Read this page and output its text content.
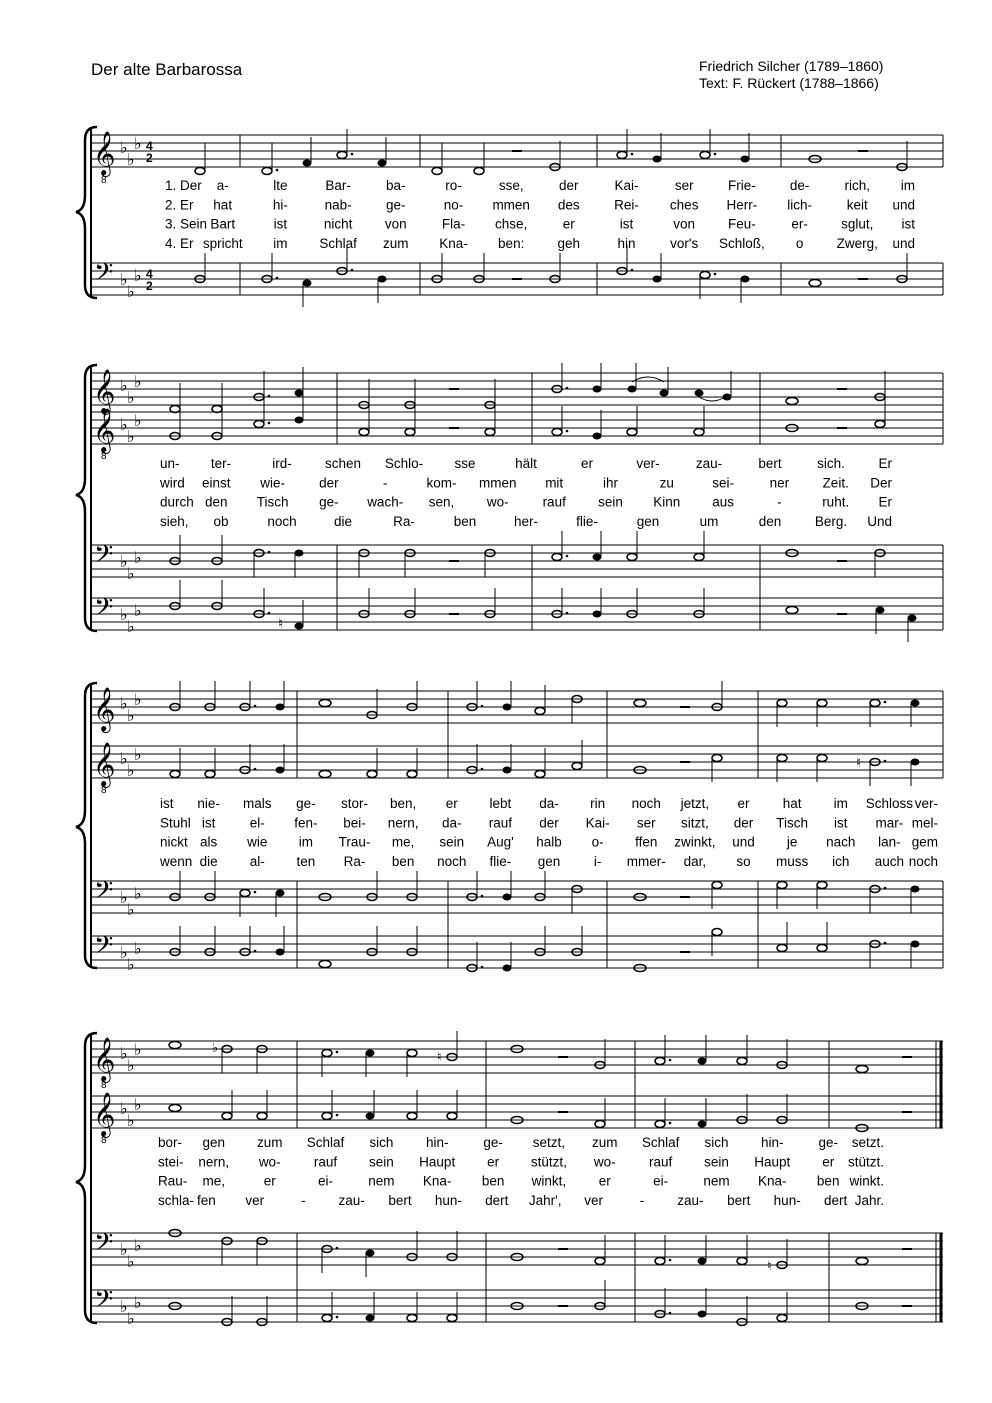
Der alte Barbarossa	Friedrich Silcher (1789–1860)
Text: F. Rückert (1788–1866)
𝄞
8
♭
♭
♭ 4
2
𝄢 ♭
♭
♭ 4
2
1. Der a-	lte	Bar-	ba-	ro-	sse,	der	Kai-	ser	Frie-	de-	rich, im
2. Er hat	hi-	nab-	ge-	no- mmen des	Rei- ches Herr- lich-	keit und
3. Sein Bart	ist	nicht von	Fla- chse,	er	ist	von Feu-	er- sglut, ist
4. Er spricht im Schlaf zum Kna- ben: geh	hin	vor's Schloß, o Zwerg, und
𝄞
𝄞
8
𝄢
𝄢
♭
♭
♭
♭
♭
♭
♭
♭
♭
♭
♭
♭
♮
un- ter-	ird- schen Schlo- sse	hält	er	ver-	zau-	bert	sich. Er
wird einst wie-	der	-	kom- mmen mit	ihr	zu	sei-	ner Zeit. Der
durch den Tisch ge- wach- sen, wo-	rauf sein Kinn aus	-	ruht. Er
sieh, ob	noch	die	Ra-	ben	her-	flie-	gen	um	den Berg. Und
𝄞
𝄞
8
𝄢
𝄢
♭
♭
♭
♭
♭
♭
♭
♭
♭
♭
♭
♭
♮
ist nie- mals ge- stor- ben, er lebt da- rin noch jetzt, er hat im Schloss ver-
Stuhl ist	el- fen- bei- nern, da- rauf der Kai- ser sitzt, der Tisch ist mar- mel-
nickt als wie im Trau- me, sein Aug' halb o- ffen zwinkt, und je nach lan- gem
wenn die al- ten Ra- ben noch flie- gen i- mmer- dar, so muss ich auch noch
𝄞
8
𝄞
8
𝄢
𝄢
♭
♭
♭
♭
♭
♭
♭
♭
♭
♭
♭
♭
♭
♮
♮
bor- gen zum Schlaf sich hin-	ge- setzt, zum Schlaf sich hin-	ge- setzt.
stei- nern, wo- rauf sein Haupt er stützt, wo- rauf sein Haupt er stützt.
Rau- me,	er	ei-	nem Kna- ben winkt, er	ei-	nem Kna- ben winkt.
schla- fen ver	- zau- bert hun- dert Jahr', ver	- zau- bert hun- dert Jahr.
